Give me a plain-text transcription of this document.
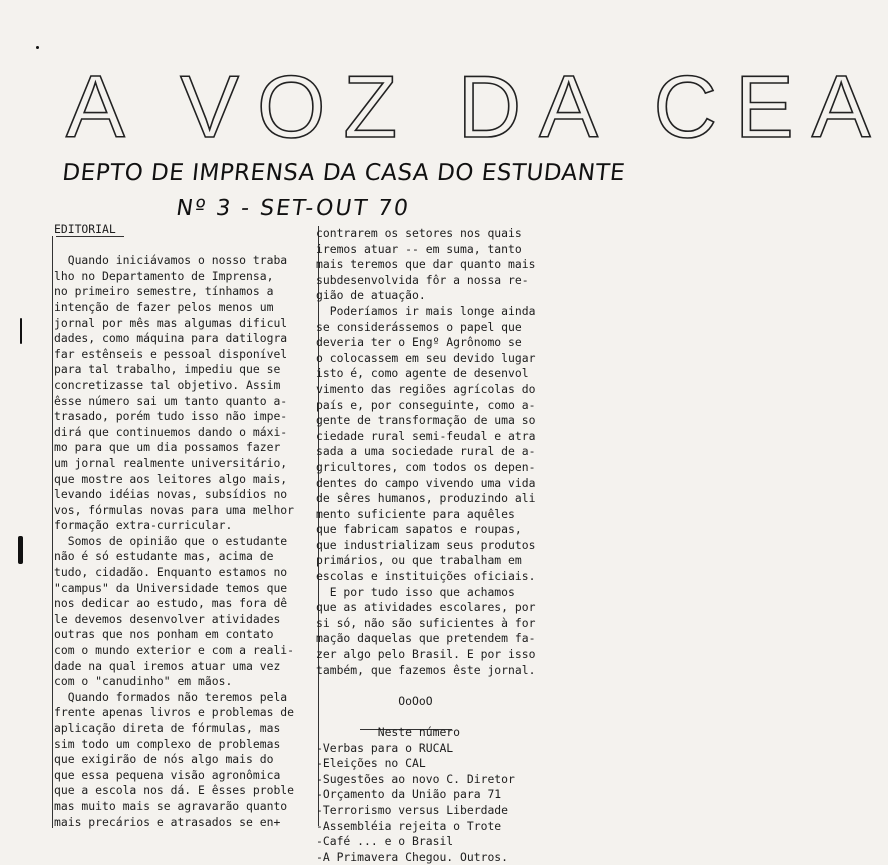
A VOZ DA CEA
DEPTO DE IMPRENSA DA CASA DO ESTUDANTE
Nº 3 - SET-OUT 70
EDITORIAL
Quando iniciávamos o nosso traba
lho no Departamento de Imprensa,
no primeiro semestre, tínhamos a
intenção de fazer pelos menos um
jornal por mês mas algumas dificul
dades, como máquina para datilogra
far estênseis e pessoal disponível
para tal trabalho, impediu que se
concretizasse tal objetivo. Assim
êsse número sai um tanto quanto a-
trasado, porém tudo isso não impe-
dirá que continuemos dando o máxi-
mo para que um dia possamos fazer
um jornal realmente universitário,
que mostre aos leitores algo mais,
levando idéias novas, subsídios no
vos, fórmulas novas para uma melhor
formação extra-curricular.
Somos de opinião que o estudante
não é só estudante mas, acima de
tudo, cidadão. Enquanto estamos no
"campus" da Universidade temos que
nos dedicar ao estudo, mas fora dê
le devemos desenvolver atividades
outras que nos ponham em contato
com o mundo exterior e com a reali-
dade na qual iremos atuar uma vez
com o "canudinho" em mãos.
Quando formados não teremos pela
frente apenas livros e problemas de
aplicação direta de fórmulas, mas
sim todo um complexo de problemas
que exigirão de nós algo mais do
que essa pequena visão agronômica
que a escola nos dá. E êsses proble
mas muito mais se agravarão quanto
mais precários e atrasados se en+
contrarem os setores nos quais
iremos atuar -- em suma, tanto
mais teremos que dar quanto mais
subdesenvolvida fôr a nossa re-
gião de atuação.
Poderíamos ir mais longe ainda
se considerássemos o papel que
deveria ter o Engº Agrônomo se
o colocassem em seu devido lugar
isto é, como agente de desenvol
vimento das regiões agrícolas do
país e, por conseguinte, como a-
gente de transformação de uma so
ciedade rural semi-feudal e atra
sada a uma sociedade rural de a-
gricultores, com todos os depen-
dentes do campo vivendo uma vida
de sêres humanos, produzindo ali
mento suficiente para aquêles
que fabricam sapatos e roupas,
que industrializam seus produtos
primários, ou que trabalham em
escolas e instituições oficiais.
E por tudo isso que achamos
que as atividades escolares, por
si só, não são suficientes à for
mação daquelas que pretendem fa-
zer algo pelo Brasil. E por isso
também, que fazemos êste jornal.
OoOoO
Neste número
-Verbas para o RUCAL
-Eleições no CAL
-Sugestões ao novo C. Diretor
-Orçamento da União para 71
-Terrorismo versus Liberdade
-Assembléia rejeita o Trote
-Café ... e o Brasil
-A Primavera Chegou. Outros.
